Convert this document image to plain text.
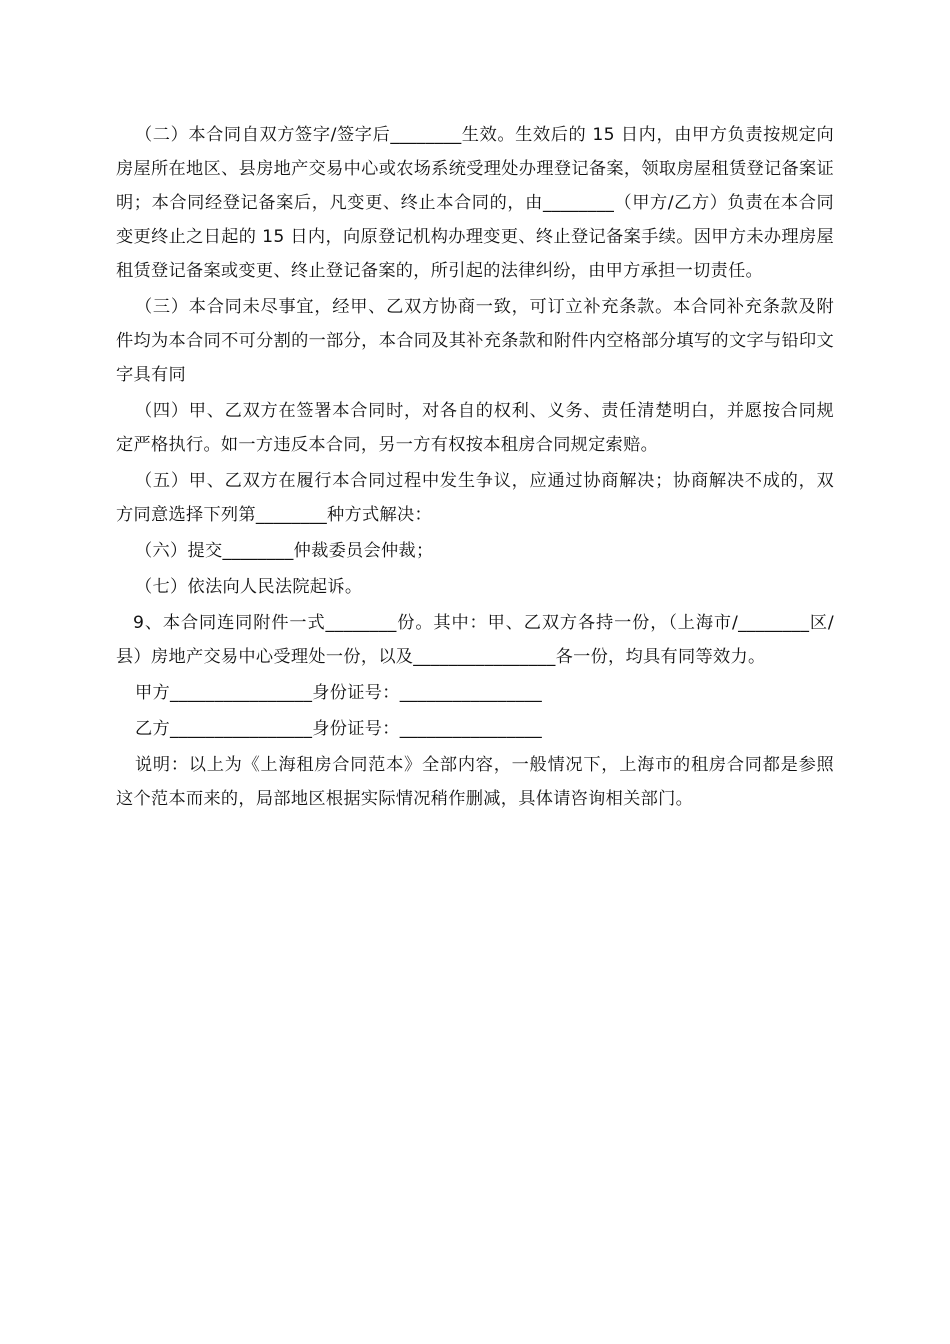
（二）本合同自双方签字/签字后________生效。生效后的 15 日内，由甲方负责按规定向房屋所在地区、县房地产交易中心或农场系统受理处办理登记备案，领取房屋租赁登记备案证明；本合同经登记备案后，凡变更、终止本合同的，由________（甲方/乙方）负责在本合同变更终止之日起的 15 日内，向原登记机构办理变更、终止登记备案手续。因甲方未办理房屋租赁登记备案或变更、终止登记备案的，所引起的法律纠纷，由甲方承担一切责任。

（三）本合同未尽事宜，经甲、乙双方协商一致，可订立补充条款。本合同补充条款及附件均为本合同不可分割的一部分，本合同及其补充条款和附件内空格部分填写的文字与铅印文字具有同

（四）甲、乙双方在签署本合同时，对各自的权利、义务、责任清楚明白，并愿按合同规定严格执行。如一方违反本合同，另一方有权按本租房合同规定索赔。

（五）甲、乙双方在履行本合同过程中发生争议，应通过协商解决；协商解决不成的，双方同意选择下列第________种方式解决：

（六）提交________仲裁委员会仲裁；

（七）依法向人民法院起诉。

9、本合同连同附件一式________份。其中：甲、乙双方各持一份，（上海市/________区/县）房地产交易中心受理处一份，以及________________各一份，均具有同等效力。

甲方________________身份证号：________________

乙方________________身份证号：________________

说明：以上为《上海租房合同范本》全部内容，一般情况下，上海市的租房合同都是参照这个范本而来的，局部地区根据实际情况稍作删减，具体请咨询相关部门。
